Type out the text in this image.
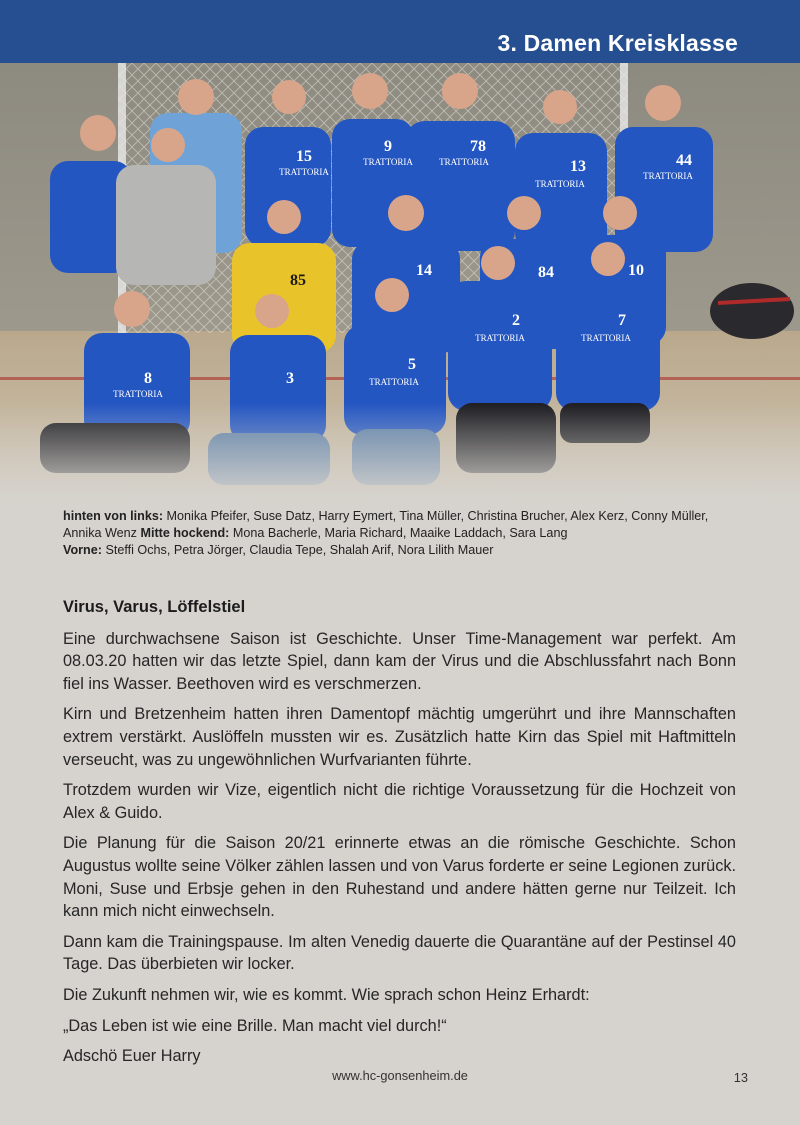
3. Damen Kreisklasse
15
9	78
13	44
85
14	84	10
8	3
5
2	7
TRATTORIA
TRATTORIA	TRATTORIA
TRATTORIA
TRATTORIA
TRATTORIA
TRATTORIA
TRATTORIA	TRATTORIA
hinten von links: Monika Pfeifer, Suse Datz, Harry Eymert, Tina Müller, Christina Brucher, Alex Kerz, Conny Müller, Annika Wenz Mitte hockend: Mona Bacherle, Maria Richard, Maaike Laddach, Sara Lang
Vorne: Steffi Ochs, Petra Jörger, Claudia Tepe, Shalah Arif, Nora Lilith Mauer
Virus, Varus, Löffelstiel

Eine durchwachsene Saison ist Geschichte. Unser Time-Management war perfekt. Am 08.03.20 hatten wir das letzte Spiel, dann kam der Virus und die Abschlussfahrt nach Bonn fiel ins Wasser. Beethoven wird es verschmerzen.

Kirn und Bretzenheim hatten ihren Damentopf mächtig umgerührt und ihre Mannschaften extrem verstärkt. Auslöffeln mussten wir es. Zusätzlich hatte Kirn das Spiel mit Haftmitteln verseucht, was zu ungewöhnlichen Wurfvarianten führte.

Trotzdem wurden wir Vize, eigentlich nicht die richtige Voraussetzung für die Hochzeit von Alex & Guido.

Die Planung für die Saison 20/21 erinnerte etwas an die römische Geschichte. Schon Augustus wollte seine Völker zählen lassen und von Varus forderte er seine Legionen zurück. Moni, Suse und Erbsje gehen in den Ruhestand und andere hätten gerne nur Teilzeit. Ich kann mich nicht einwechseln.

Dann kam die Trainingspause. Im alten Venedig dauerte die Quarantäne auf der Pestinsel 40 Tage. Das überbieten wir locker.

Die Zukunft nehmen wir, wie es kommt. Wie sprach schon Heinz Erhardt:

„Das Leben ist wie eine Brille. Man macht viel durch!“

Adschö Euer Harry

www.hc-gonsenheim.de	13
